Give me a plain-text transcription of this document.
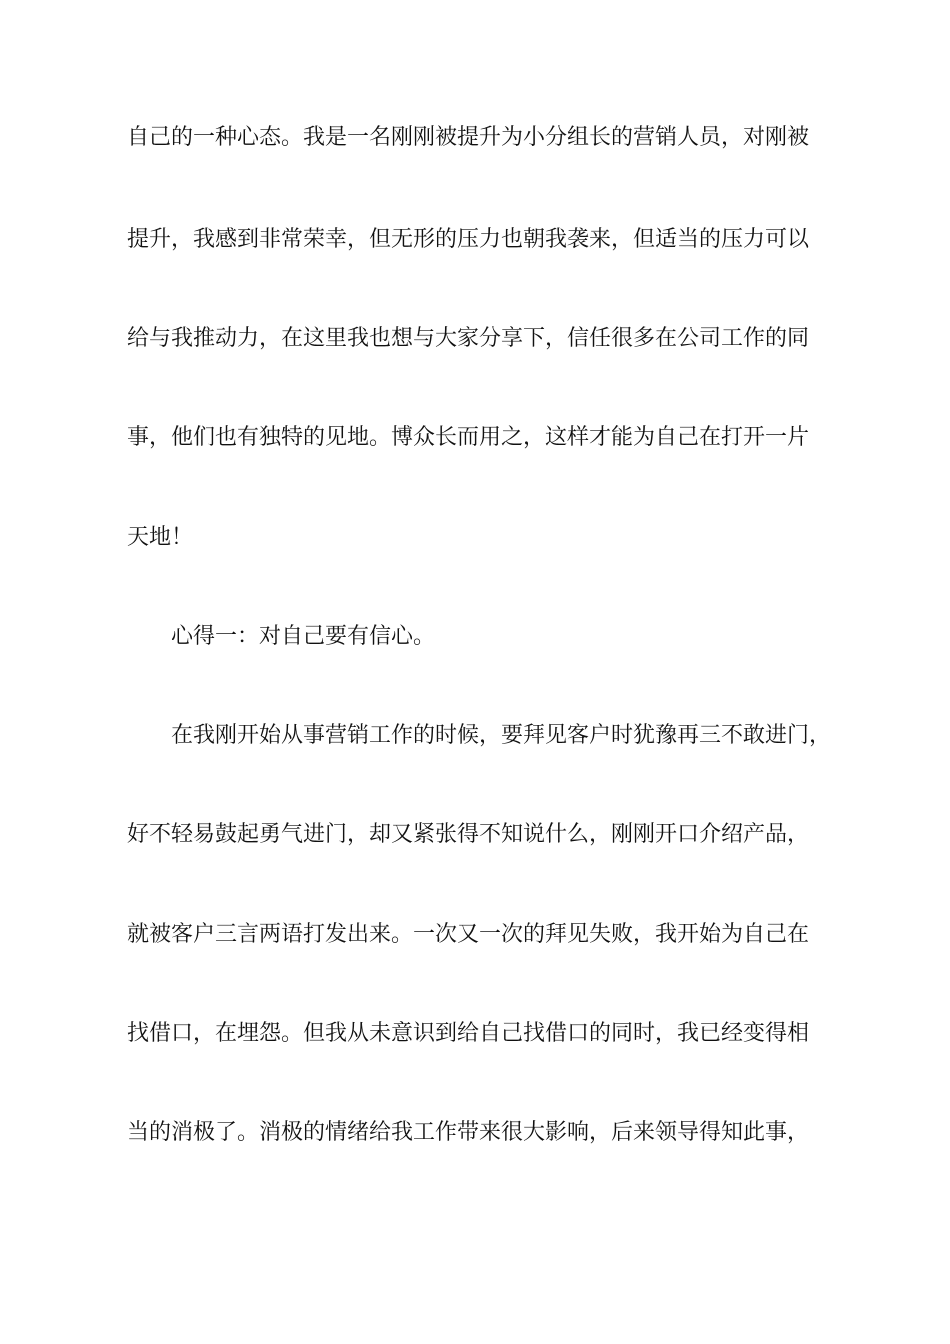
自己的一种心态。我是一名刚刚被提升为小分组长的营销人员，对刚被
提升，我感到非常荣幸，但无形的压力也朝我袭来，但适当的压力可以
给与我推动力，在这里我也想与大家分享下，信任很多在公司工作的同
事，他们也有独特的见地。博众长而用之，这样才能为自己在打开一片
天地！
心得一：对自己要有信心。
在我刚开始从事营销工作的时候，要拜见客户时犹豫再三不敢进门，
好不轻易鼓起勇气进门，却又紧张得不知说什么，刚刚开口介绍产品，
就被客户三言两语打发出来。一次又一次的拜见失败，我开始为自己在
找借口，在埋怨。但我从未意识到给自己找借口的同时，我已经变得相
当的消极了。消极的情绪给我工作带来很大影响，后来领导得知此事，
